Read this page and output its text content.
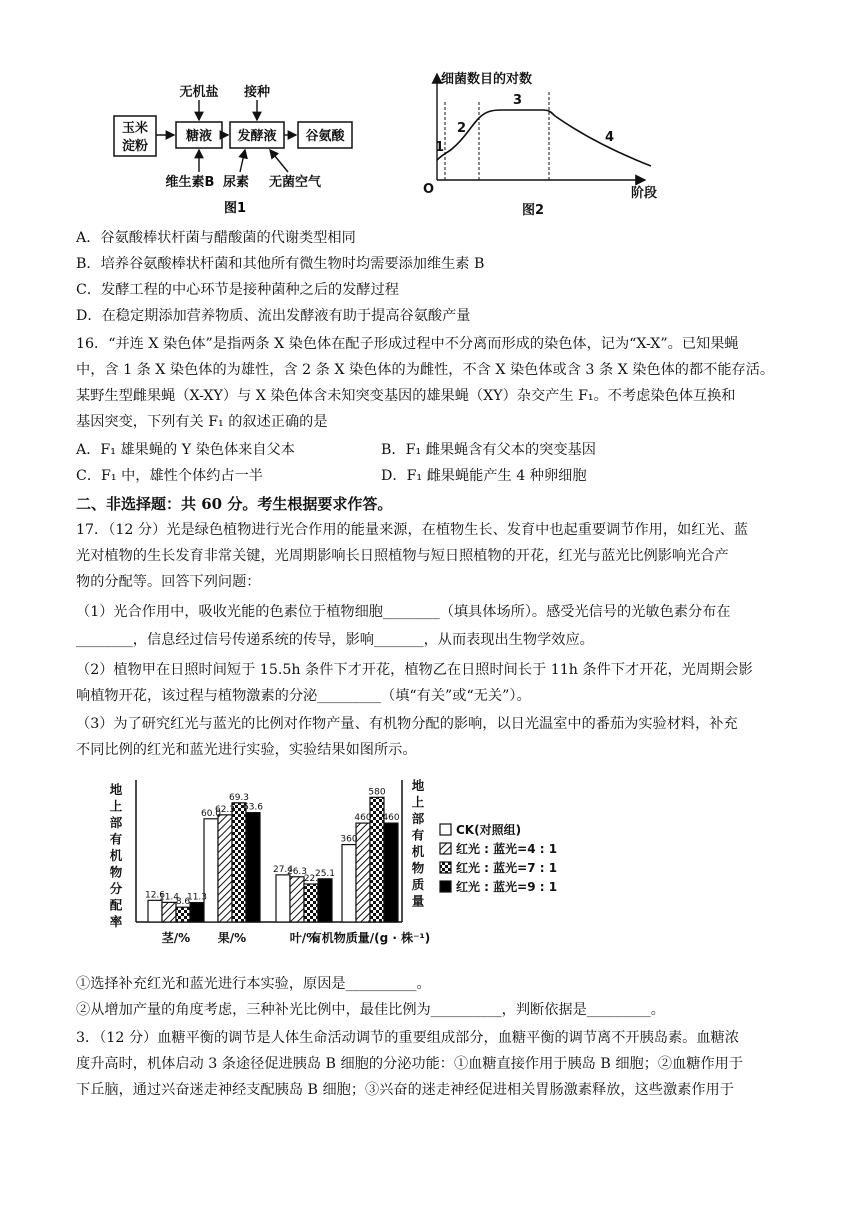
玉米
淀粉
糖液 发酵液 谷氨酸
无机盐 接种
维生素B 尿素 无菌空气
图1
细菌数目的对数
O	阶段
1
2
3
4
图2
A．谷氨酸棒状杆菌与醋酸菌的代谢类型相同
B．培养谷氨酸棒状杆菌和其他所有微生物时均需要添加维生素 B
C．发酵工程的中心环节是接种菌种之后的发酵过程
D．在稳定期添加营养物质、流出发酵液有助于提高谷氨酸产量
16．“并连 X 染色体”是指两条 X 染色体在配子形成过程中不分离而形成的染色体，记为“X-X”。已知果蝇
中，含 1 条 X 染色体的为雄性，含 2 条 X 染色体的为雌性，不含 X 染色体或含 3 条 X 染色体的都不能存活。
某野生型雌果蝇（X-XY）与 X 染色体含未知突变基因的雄果蝇（XY）杂交产生 F₁。不考虑染色体互换和
基因突变，下列有关 F₁ 的叙述正确的是
A．F₁ 雄果蝇的 Y 染色体来自父本	B．F₁ 雌果蝇含有父本的突变基因
C．F₁ 中，雄性个体约占一半	D．F₁ 雌果蝇能产生 4 种卵细胞
二、非选择题：共 60 分。考生根据要求作答。
17．（12 分）光是绿色植物进行光合作用的能量来源，在植物生长、发育中也起重要调节作用，如红光、蓝
光对植物的生长发育非常关键，光周期影响长日照植物与短日照植物的开花，红光与蓝光比例影响光合产
物的分配等。回答下列问题：
（1）光合作用中，吸收光能的色素位于植物细胞________（填具体场所）。感受光信号的光敏色素分布在
________，信息经过信号传递系统的传导，影响_______，从而表现出生物学效应。
（2）植物甲在日照时间短于 15.5h 条件下才开花，植物乙在日照时间长于 11h 条件下才开花，光周期会影
响植物开花，该过程与植物激素的分泌_________（填“有关”或“无关”）。
（3）为了研究红光与蓝光的比例对作物产量、有机物分配的影响，以日光温室中的番茄为实验材料，补充
不同比例的红光和蓝光进行实验，实验结果如图所示。
地
上
部
有
机
物
分
配
率
地
上
部
有
机
物
质
量
12.6
11.4
8.6
11.3
60.0
62.3
69.3
63.6
27.4
26.3
22.
25.1
360
460
580
460
茎/% 果/%	叶/%
有机物质量/(g · 株⁻¹)
CK(对照组)
红光 : 蓝光=4 : 1
红光 : 蓝光=7 : 1
红光 : 蓝光=9 : 1
①选择补充红光和蓝光进行本实验，原因是__________。
②从增加产量的角度考虑，三种补光比例中，最佳比例为__________，判断依据是_________。
3．（12 分）血糖平衡的调节是人体生命活动调节的重要组成部分，血糖平衡的调节离不开胰岛素。血糖浓
度升高时，机体启动 3 条途径促进胰岛 B 细胞的分泌功能：①血糖直接作用于胰岛 B 细胞；②血糖作用于
下丘脑，通过兴奋迷走神经支配胰岛 B 细胞；③兴奋的迷走神经促进相关胃肠激素释放，这些激素作用于
